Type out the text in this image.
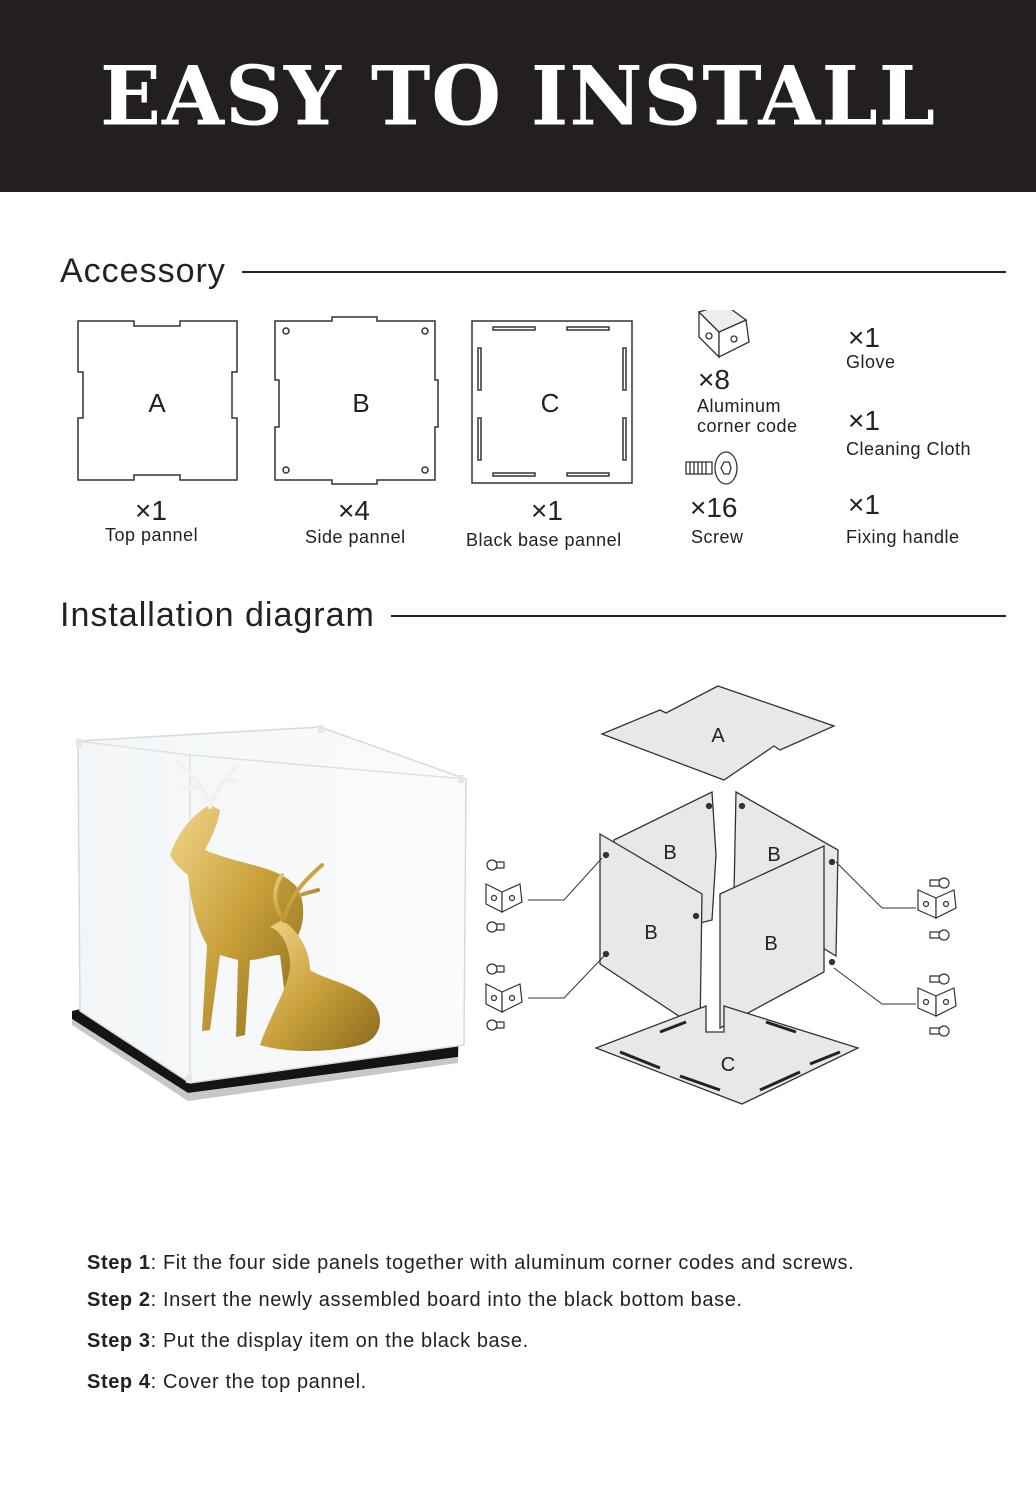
EASY TO INSTALL
Accessory
A	B	C
×1
Top pannel
×4
Side pannel
×1
Black base pannel
×8
Aluminum
corner code
×16
Screw
×1
Glove
×1
Cleaning Cloth
×1
Fixing handle
Installation diagram
A
B	B
B	B
C
Step 1: Fit the four side panels together with aluminum corner codes and screws.
Step 2: Insert the newly assembled board into the black bottom base.
Step 3: Put the display item on the black base.
Step 4: Cover the top pannel.
